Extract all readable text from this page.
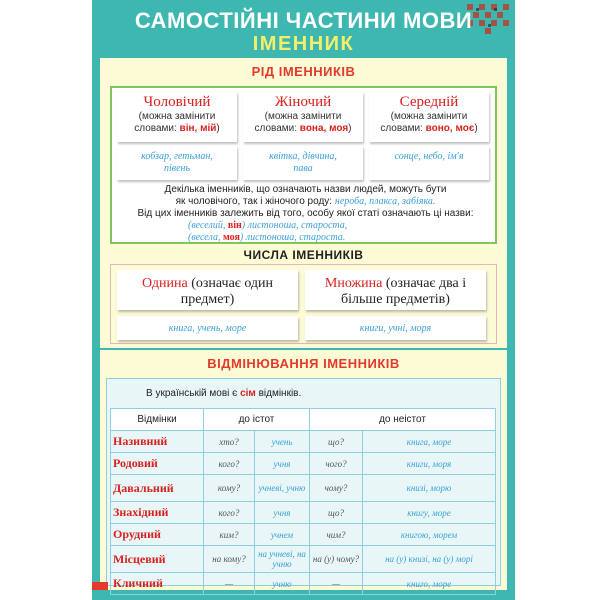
САМОСТІЙНІ ЧАСТИНИ МОВИ
ІМЕННИК
РІД ІМЕННИКІВ
Чоловічий
(можна замінити словами: він, мій)
Жіночий
(можна замінити словами: вона, моя)
Середній
(можна замінити словами: воно, моє)
кобзар, гетьман, півень
квітка, дівчина, пава
сонце, небо, ім'я
Декілька іменників, що означають назви людей, можуть бути
як чоловічого, так і жіночого роду: нероба, плакса, забіяка.
Від цих іменників залежить від того, особу якої статі означають ці назви:
(веселий, він) листоноша, староста,
(весела, моя) листоноша, староста.
ЧИСЛА ІМЕННИКІВ
Однина (означає один предмет)
Множина (означає два і більше предметів)
книга, учень, море	книги, учні, моря
ВІДМІНЮВАННЯ ІМЕННИКІВ
В українській мові є сім відмінків.
Відмінки	до істот		до неістот	
Називний	хто?	учень	що?	книга, море
Родовий	кого?	учня	чого?	книги, моря
Давальний	кому?	учневі, учню	чому?	книзі, морю
Знахідний	кого?	учня	що?	книгу, море
Орудний	ким?	учнем	чим?	книгою, морем
Місцевий	на кому?	на учневі, на учню	на (у) чому?	на (у) книзі, на (у) морі
Кличний	—	учню	—	книго, море
